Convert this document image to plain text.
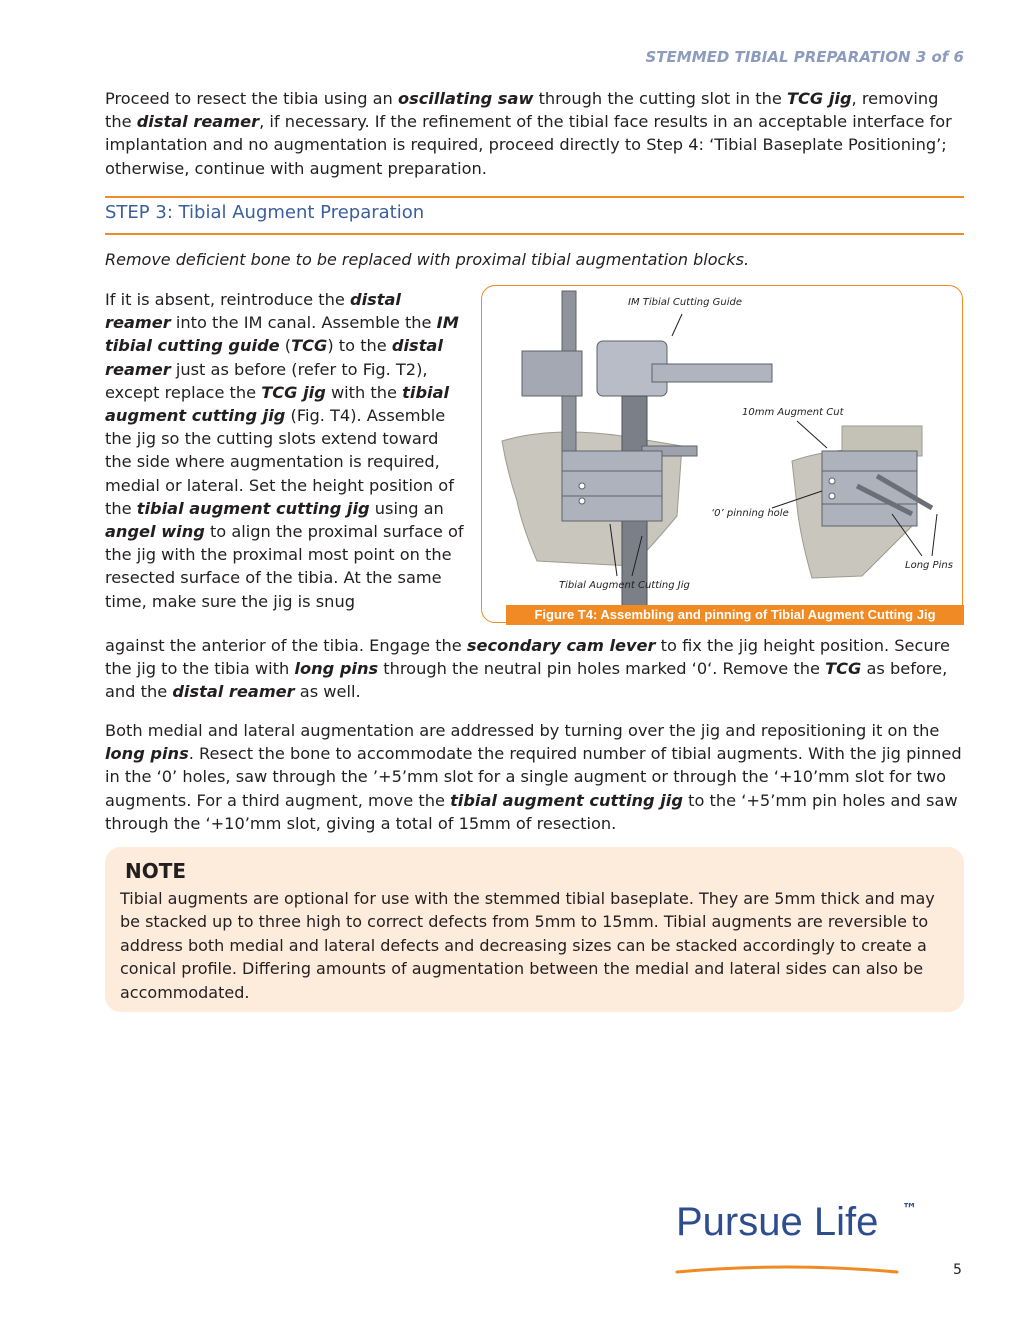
STEMMED TIBIAL PREPARATION 3 of 6

Proceed to resect the tibia using an oscillating saw through the cutting slot in the TCG jig, removing the distal reamer, if necessary. If the refinement of the tibial face results in an acceptable interface for implantation and no augmentation is required, proceed directly to Step 4: ‘Tibial Baseplate Positioning’; otherwise, continue with augment preparation.

STEP 3: Tibial Augment Preparation

Remove deficient bone to be replaced with proximal tibial augmentation blocks.

If it is absent, reintroduce the distal reamer into the IM canal. Assemble the IM tibial cutting guide (TCG) to the distal reamer just as before (refer to Fig. T2), except replace the TCG jig with the tibial augment cutting jig (Fig. T4). Assemble the jig so the cutting slots extend toward the side where augmentation is required, medial or lateral. Set the height position of the tibial augment cutting jig using an angel wing to align the proximal surface of the jig with the proximal most point on the resected surface of the tibia. At the same time, make sure the jig is snug

against the anterior of the tibia. Engage the secondary cam lever to fix the jig height position. Secure the jig to the tibia with long pins through the neutral pin holes marked ‘0‘. Remove the TCG as before, and the distal reamer as well.

IM Tibial Cutting Guide
10mm Augment Cut
‘0’ pinning hole
Long Pins
Tibial Augment Cutting Jig
Figure T4: Assembling and pinning of Tibial Augment Cutting Jig

Both medial and lateral augmentation are addressed by turning over the jig and repositioning it on the long pins. Resect the bone to accommodate the required number of tibial augments. With the jig pinned in the ‘0’ holes, saw through the ’+5’mm slot for a single augment or through the ‘+10’mm slot for two augments. For a third augment, move the tibial augment cutting jig to the ‘+5’mm pin holes and saw through the ‘+10’mm slot, giving a total of 15mm of resection.

NOTE

Tibial augments are optional for use with the stemmed tibial baseplate. They are 5mm thick and may be stacked up to three high to correct defects from 5mm to 15mm. Tibial augments are reversible to address both medial and lateral defects and decreasing sizes can be stacked accordingly to create a conical profile. Differing amounts of augmentation between the medial and lateral sides can also be accommodated.

Pursue Life ™
5
